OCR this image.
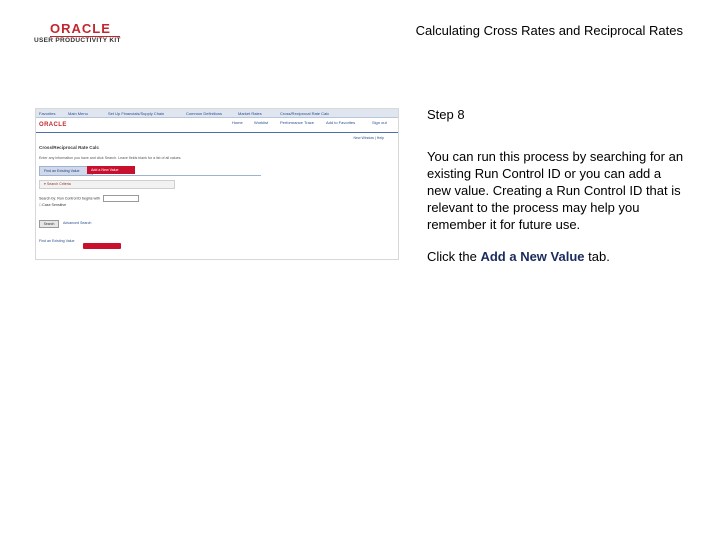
ORACLE
USER PRODUCTIVITY KIT
Calculating Cross Rates and Reciprocal Rates
Favorites	Main Menu	Set Up Financials/Supply Chain	Common Definitions	Market Rates	Cross/Reciprocal Rate Calc
ORACLE	Home	Worklist	Performance Trace	Add to Favorites	Sign out
New Window | Help
Cross/Reciprocal Rate Calc
Enter any information you have and click Search. Leave fields blank for a list of all values.
Find an Existing Value	Add a New Value
▾ Search Criteria
Search by: Run Control ID begins with
□ Case Sensitive
Search	Advanced Search
Find an Existing Value
Step 8
You can run this process by searching for an existing Run Control ID or you can add a new value. Creating a Run Control ID that is relevant to the process may help you remember it for future use.
Click the Add a New Value tab.
